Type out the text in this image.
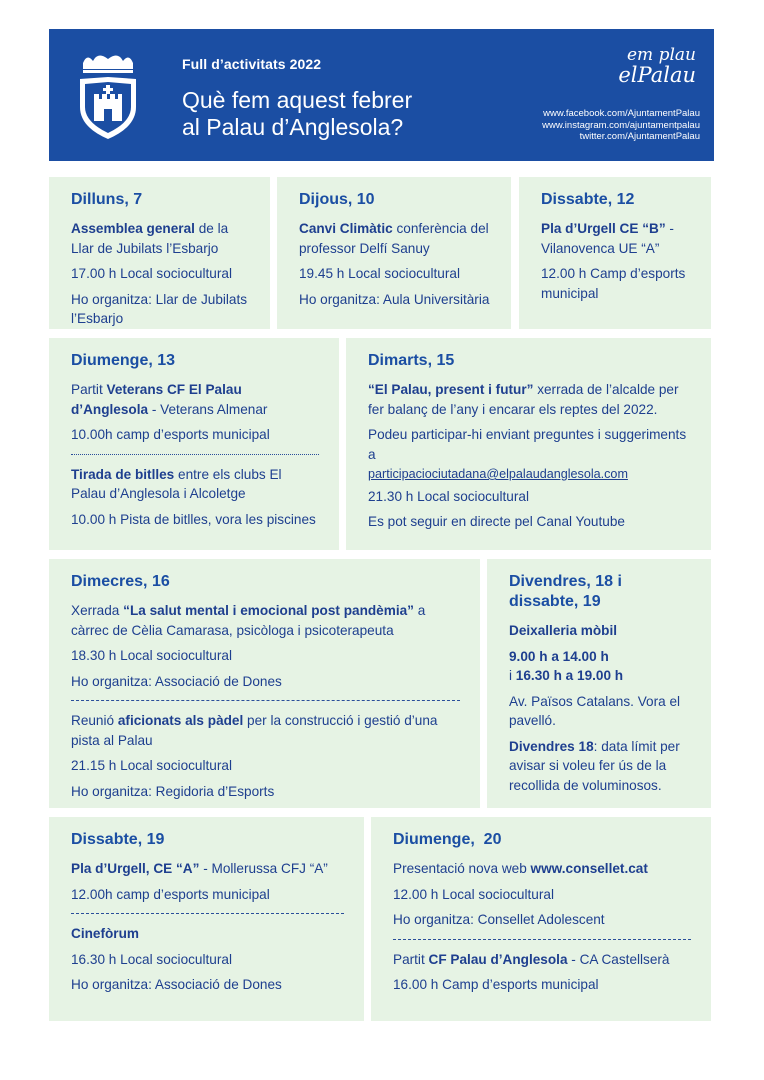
Full d’activitats 2022
Què fem aquest febrer
al Palau d’Anglesola?
em plau
elPalau
www.facebook.com/AjuntamentPalau
www.instagram.com/ajuntamentpalau
twitter.com/AjuntamentPalau
Dilluns, 7

Assemblea general de la Llar de Jubilats l’Esbarjo

17.00 h Local sociocultural

Ho organitza: Llar de Jubilats l’Esbarjo

Dijous, 10

Canvi Climàtic conferència del professor Delfí Sanuy

19.45 h Local sociocultural

Ho organitza: Aula Universitària

Dissabte, 12

Pla d’Urgell CE “B” - Vilanovenca UE “A”

12.00 h Camp d’esports municipal

Diumenge, 13

Partit Veterans CF El Palau d’Anglesola - Veterans Almenar

10.00h camp d’esports municipal

Tirada de bitlles entre els clubs El Palau d’Anglesola i Alcoletge

10.00 h Pista de bitlles, vora les piscines

Dimarts, 15

“El Palau, present i futur” xerrada de l’alcalde per fer balanç de l’any i encarar els reptes del 2022.

Podeu participar-hi enviant preguntes i suggeriments a
participaciociutadana@elpalaudanglesola.com

21.30 h Local sociocultural

Es pot seguir en directe pel Canal Youtube

Dimecres, 16

Xerrada “La salut mental i emocional post pandèmia” a càrrec de Cèlia Camarasa, psicòloga i psicoterapeuta

18.30 h Local sociocultural

Ho organitza: Associació de Dones

Reunió aficionats als pàdel per la construcció i gestió d’una pista al Palau

21.15 h Local sociocultural

Ho organitza: Regidoria d’Esports

Divendres, 18 i dissabte, 19

Deixalleria mòbil

9.00 h a 14.00 h
i 16.30 h a 19.00 h

Av. Països Catalans. Vora el pavelló.

Divendres 18: data límit per avisar si voleu fer ús de la recollida de voluminosos.

Dissabte, 19

Pla d’Urgell, CE “A” - Mollerussa CFJ “A”

12.00h camp d’esports municipal

Cinefòrum

16.30 h Local sociocultural

Ho organitza: Associació de Dones

Diumenge,  20

Presentació nova web www.consellet.cat

12.00 h Local sociocultural

Ho organitza: Consellet Adolescent

Partit CF Palau d’Anglesola - CA Castellserà

16.00 h Camp d’esports municipal
